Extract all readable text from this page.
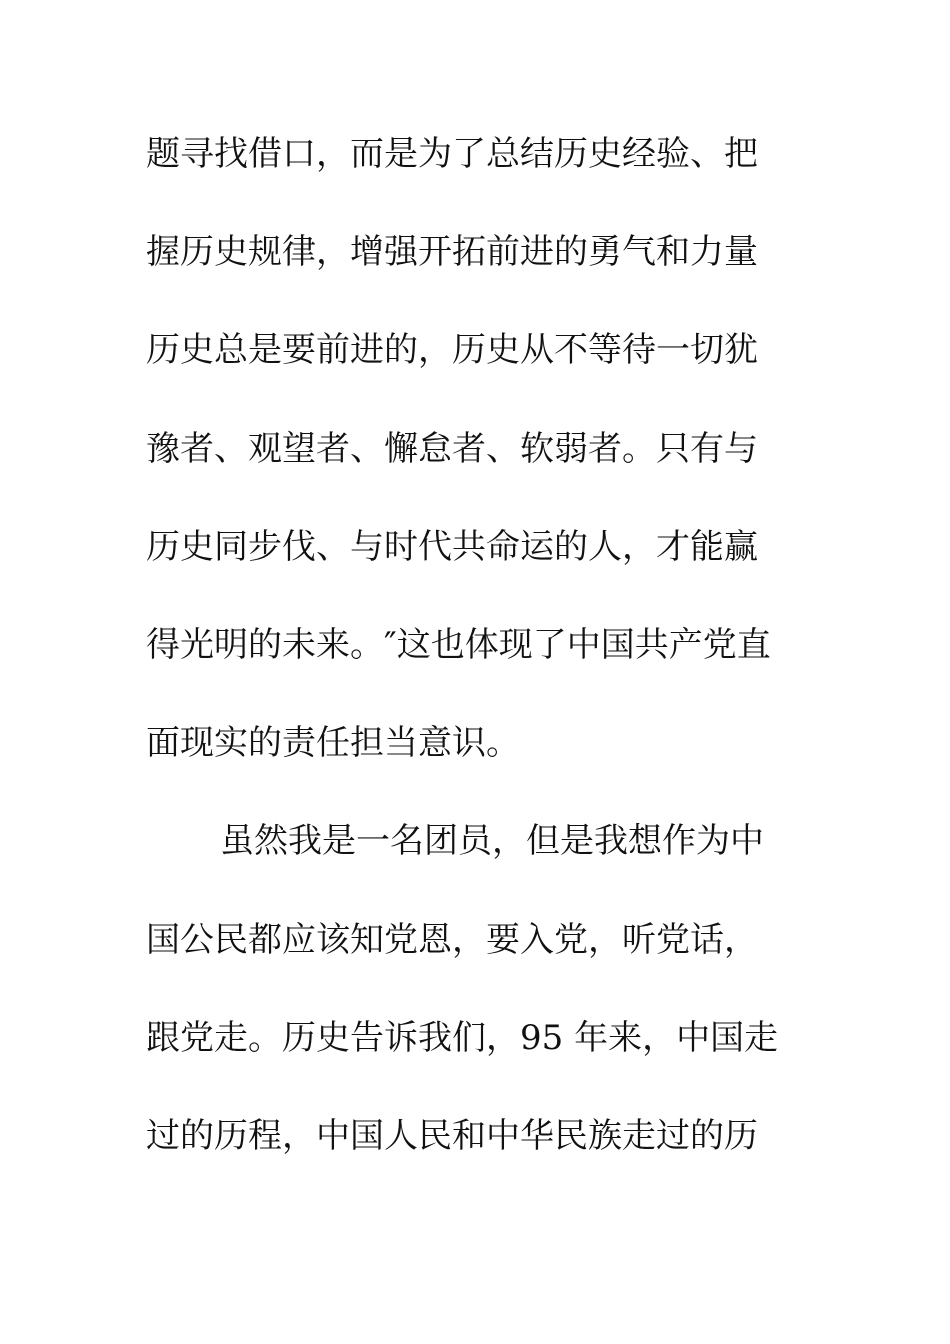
题寻找借口，而是为了总结历史经验、把
握历史规律，增强开拓前进的勇气和力量
历史总是要前进的，历史从不等待一切犹
豫者、观望者、懈怠者、软弱者。只有与
历史同步伐、与时代共命运的人，才能赢
得光明的未来。″这也体现了中国共产党直
面现实的责任担当意识。
虽然我是一名团员，但是我想作为中
国公民都应该知党恩，要入党，听党话，
跟党走。历史告诉我们，95 年来，中国走
过的历程，中国人民和中华民族走过的历
